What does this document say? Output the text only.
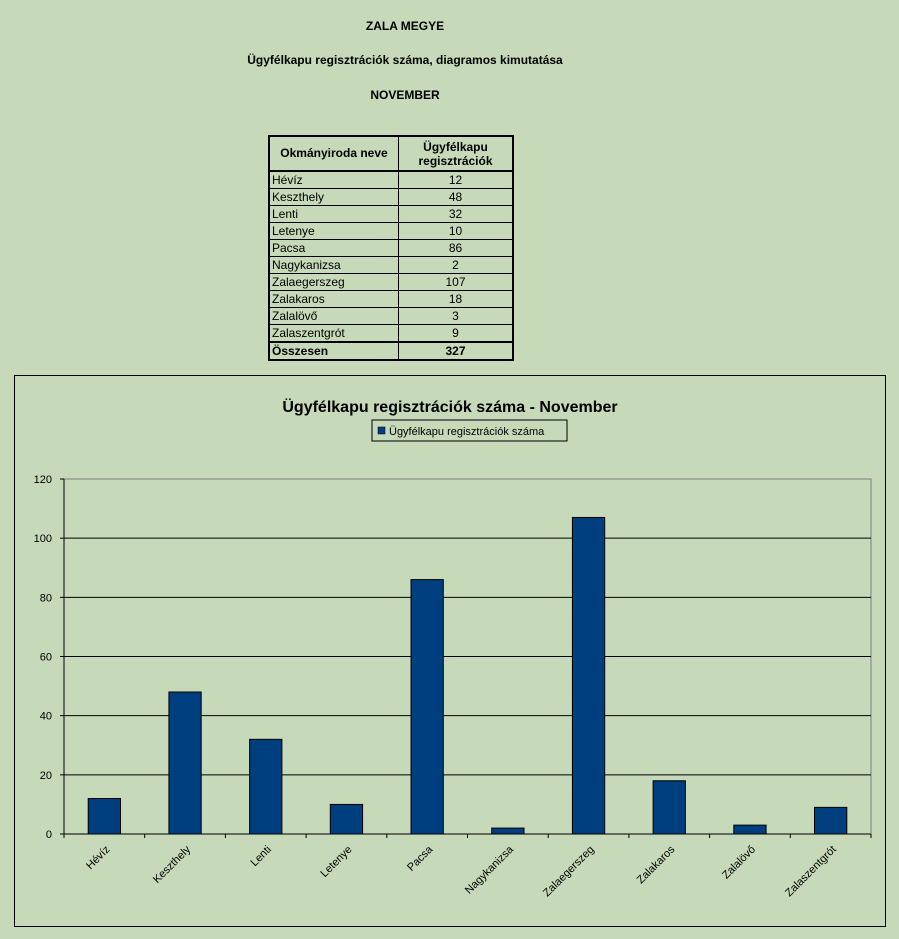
ZALA MEGYE
Ügyfélkapu regisztrációk száma, diagramos kimutatása
NOVEMBER
Okmányiroda neve	Ügyfélkapu
regisztrációk
Hévíz	12
Keszthely	48
Lenti	32
Letenye	10
Pacsa	86
Nagykanizsa	2
Zalaegerszeg	107
Zalakaros	18
Zalalövő	3
Zalaszentgrót	9
Összesen	327
Ügyfélkapu regisztrációk száma - November
Ügyfélkapu regisztrációk száma
0
20
40
60
80
100
120
Hévíz	Keszthely	Lenti	Letenye	Pacsa	Nagykanizsa Zalaegerszeg	Zalakaros	Zalalövő Zalaszentgrót
